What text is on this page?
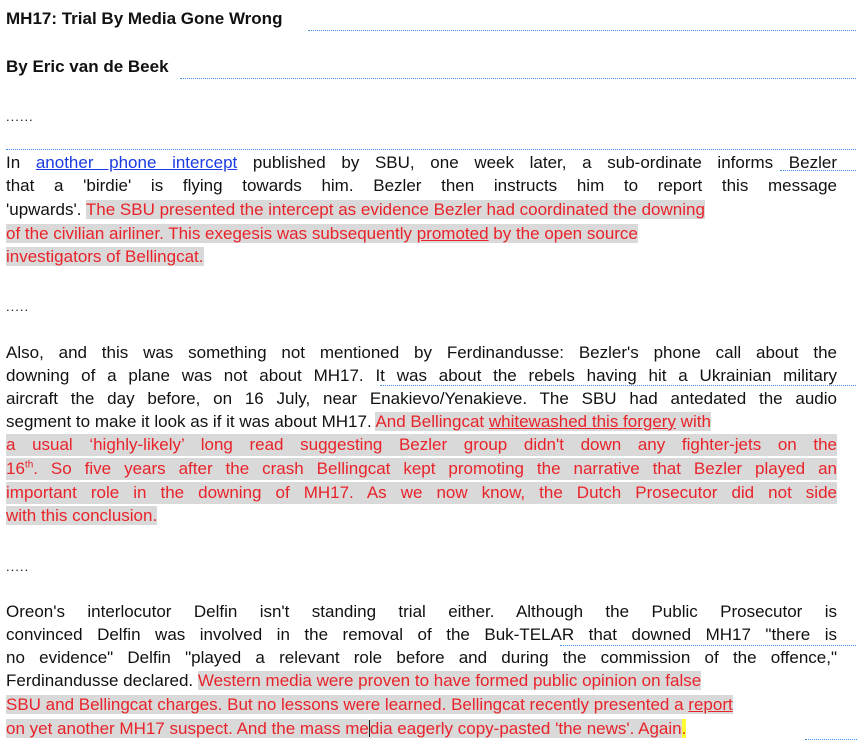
MH17: Trial By Media Gone Wrong
By Eric van de Beek
......
In another phone intercept published by SBU, one week later, a sub-ordinate informs Bezler
that a 'birdie' is flying towards him. Bezler then instructs him to report this message
'upwards'. The SBU presented the intercept as evidence Bezler had coordinated the downing
of the civilian airliner. This exegesis was subsequently promoted by the open source
investigators of Bellingcat.
.....
Also, and this was something not mentioned by Ferdinandusse: Bezler's phone call about the
downing of a plane was not about MH17. It was about the rebels having hit a Ukrainian military
aircraft the day before, on 16 July, near Enakievo/Yenakieve. The SBU had antedated the audio
segment to make it look as if it was about MH17. And Bellingcat whitewashed this forgery with
a usual ‘highly-likely’ long read suggesting Bezler group didn't down any fighter-jets on the
16th. So five years after the crash Bellingcat kept promoting the narrative that Bezler played an
important role in the downing of MH17. As we now know, the Dutch Prosecutor did not side
with this conclusion.
.....
Oreon's interlocutor Delfin isn't standing trial either. Although the Public Prosecutor is
convinced Delfin was involved in the removal of the Buk-TELAR that downed MH17 "there is
no evidence" Delfin "played a relevant role before and during the commission of the offence,"
Ferdinandusse declared. Western media were proven to have formed public opinion on false
SBU and Bellingcat charges. But no lessons were learned. Bellingcat recently presented a report
on yet another MH17 suspect. And the mass media eagerly copy-pasted 'the news'. Again.
